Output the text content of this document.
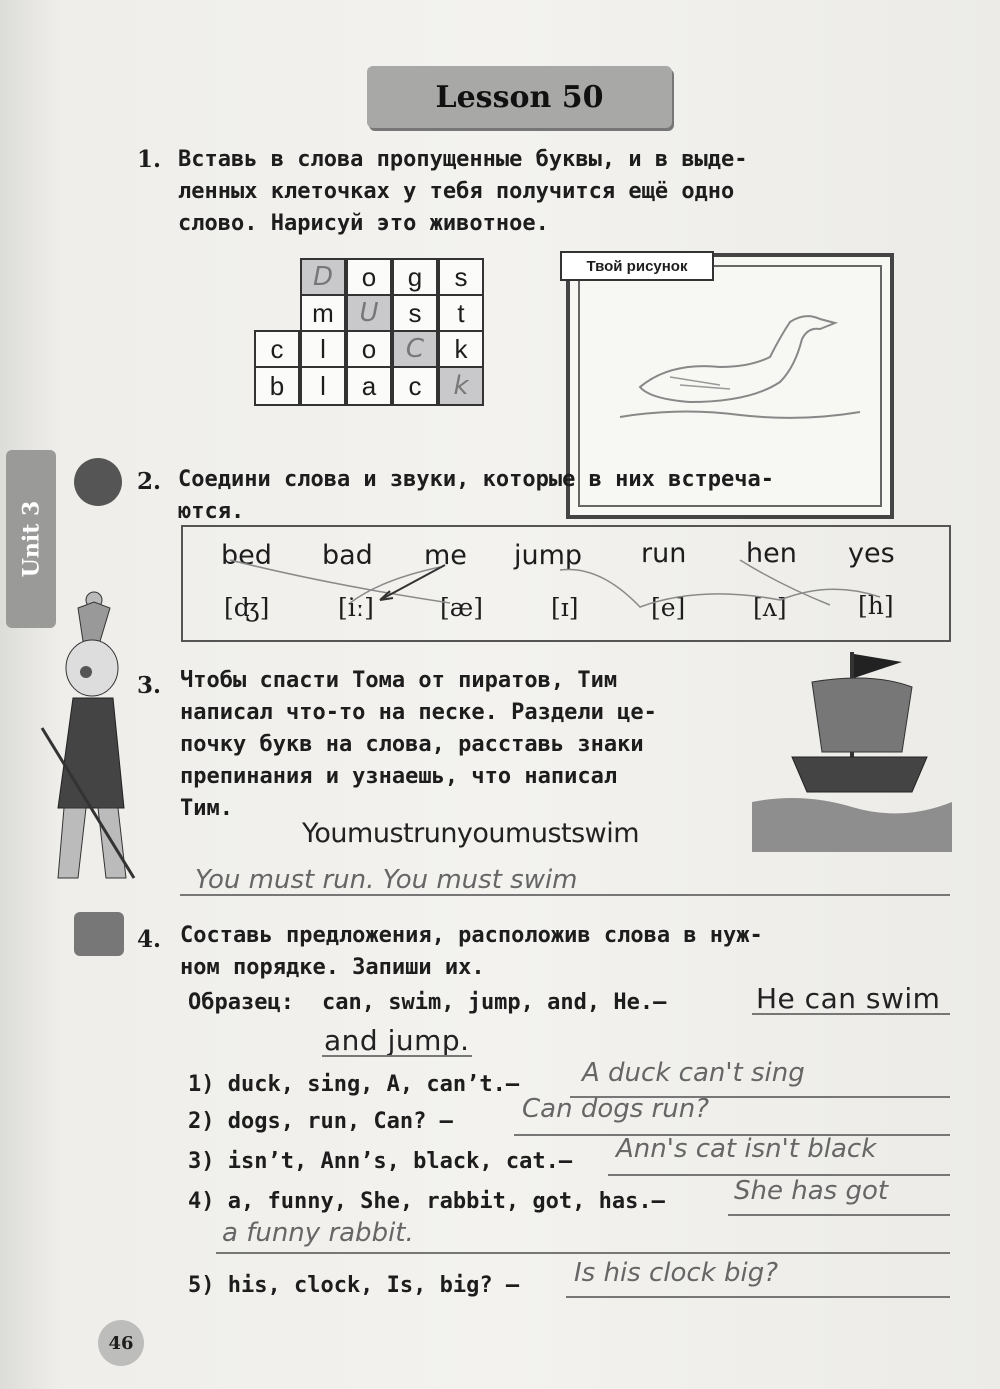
Lesson 50
Unit 3
1. Вставь в слова пропущенные буквы, и в выде-
ленных клеточках у тебя получится ещё одно
слово. Нарисуй это животное.
D o g s
m U s t
c l o C k
b l a c k
Твой рисунок
2. Соедини слова и звуки, которые в них встреча-
ются.
bed bad me jump run hen yes
[ʤ]	[iː]	[æ]	[ɪ]	[e]	[ʌ]	[h]
3. Чтобы спасти Тома от пиратов, Тим
написал что-то на песке. Раздели це-
почку букв на слова, расставь знаки
препинания и узнаешь, что написал
Тим.
Youmustrunyoumustswim
You must run. You must swim
4. Составь предложения, расположив слова в нуж-
ном порядке. Запиши их.
Образец: can, swim, jump, and, He.—	He can swim
and jump.
1) duck, sing, A, can’t.— A duck can't sing
2) dogs, run, Can? —	Can dogs run?
3) isn’t, Ann’s, black, cat.— Ann's cat isn't black
4) a, funny, She, rabbit, got, has.—	She has got
a funny rabbit.
5) his, clock, Is, big? — Is his clock big?
46
